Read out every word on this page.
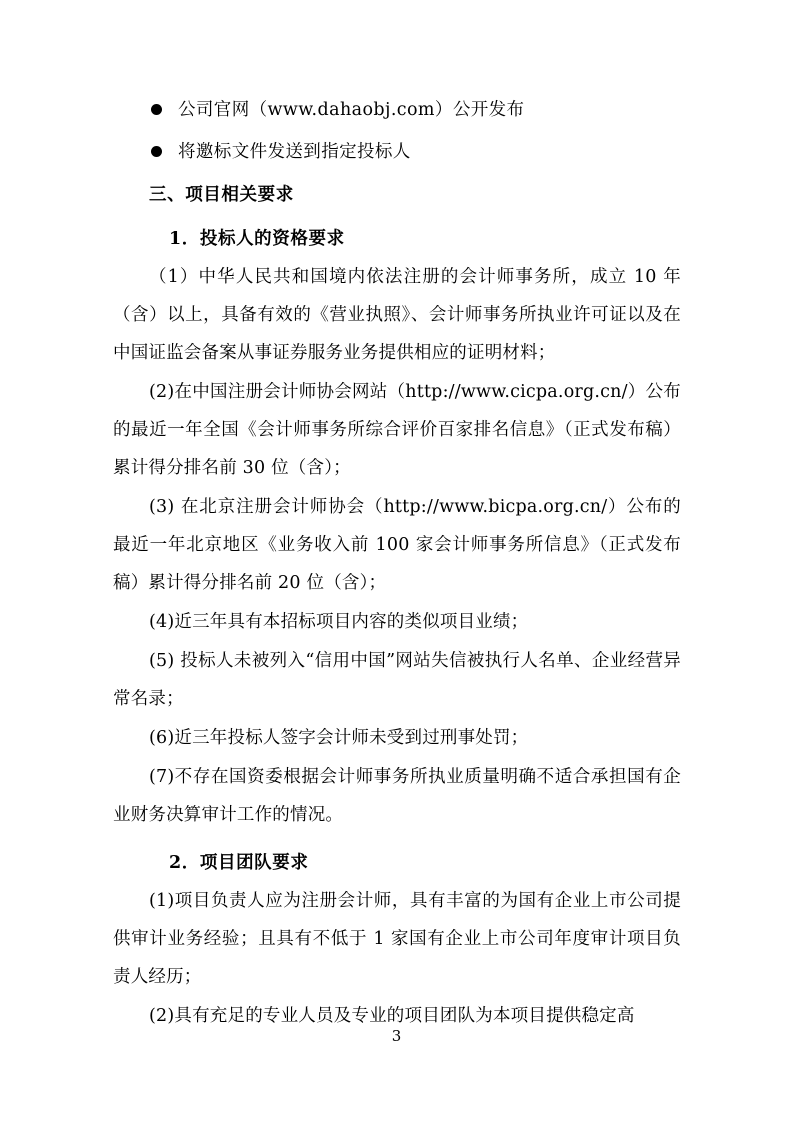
公司官网（www.dahaobj.com）公开发布
将邀标文件发送到指定投标人
三、项目相关要求
1．投标人的资格要求

（1）中华人民共和国境内依法注册的会计师事务所，成立 10 年（含）以上，具备有效的《营业执照》、会计师事务所执业许可证以及在中国证监会备案从事证券服务业务提供相应的证明材料；

(2)在中国注册会计师协会网站（http://www.cicpa.org.cn/）公布的最近一年全国《会计师事务所综合评价百家排名信息》（正式发布稿）累计得分排名前 30 位（含）；

(3) 在北京注册会计师协会（http://www.bicpa.org.cn/）公布的最近一年北京地区《业务收入前 100 家会计师事务所信息》（正式发布稿）累计得分排名前 20 位（含）；

(4)近三年具有本招标项目内容的类似项目业绩；

(5) 投标人未被列入“信用中国”网站失信被执行人名单、企业经营异常名录；

(6)近三年投标人签字会计师未受到过刑事处罚；

(7)不存在国资委根据会计师事务所执业质量明确不适合承担国有企业财务决算审计工作的情况。

2．项目团队要求

(1)项目负责人应为注册会计师，具有丰富的为国有企业上市公司提供审计业务经验；且具有不低于 1 家国有企业上市公司年度审计项目负责人经历；

(2)具有充足的专业人员及专业的项目团队为本项目提供稳定高

3
